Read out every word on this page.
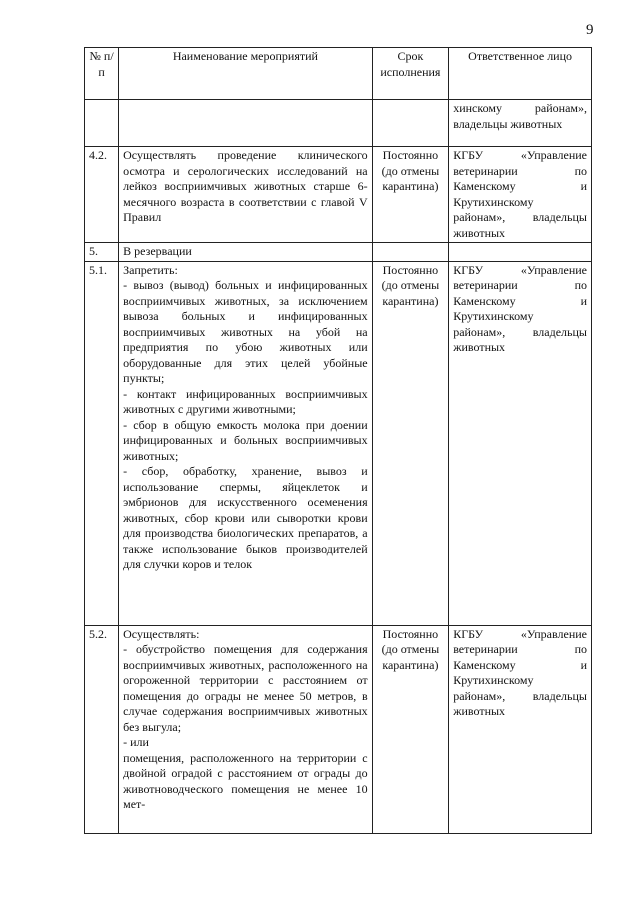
9
№ п/п	Наименование мероприятий	Срок исполнения	Ответственное лицо
			хинскому районам», владельцы животных
4.2.	Осуществлять проведение клинического осмотра и серологических исследований на лейкоз восприимчивых животных старше 6-месячного возраста в соответствии с главой V Правил	Постоянно (до отмены карантина)	КГБУ «Управление ветеринарии по Каменскому и Крутихинскому районам», владельцы животных
5.	В резервации		
5.1.	Запретить:
- вывоз (вывод) больных и инфицированных восприимчивых животных, за исключением вывоза больных и инфицированных восприимчивых животных на убой на предприятия по убою животных или оборудованные для этих целей убойные пункты;
- контакт инфицированных восприимчивых животных с другими животными;
- сбор в общую емкость молока при доении инфицированных и больных восприимчивых животных;
- сбор, обработку, хранение, вывоз и использование спермы, яйцеклеток и эмбрионов для искусственного осеменения животных, сбор крови или сыворотки крови для производства биологических препаратов, а также использование быков производителей для случки коров и телок	Постоянно (до отмены карантина)	КГБУ «Управление ветеринарии по Каменскому и Крутихинскому районам», владельцы животных
5.2.	Осуществлять:
- обустройство помещения для содержания восприимчивых животных, расположенного на огороженной территории с расстоянием от помещения до ограды не менее 50 метров, в случае содержания восприимчивых животных без выгула;
- или
помещения, расположенного на территории с двойной оградой с расстоянием от ограды до животноводческого помещения не менее 10 мет-	Постоянно (до отмены карантина)	КГБУ «Управление ветеринарии по Каменскому и Крутихинскому районам», владельцы животных
